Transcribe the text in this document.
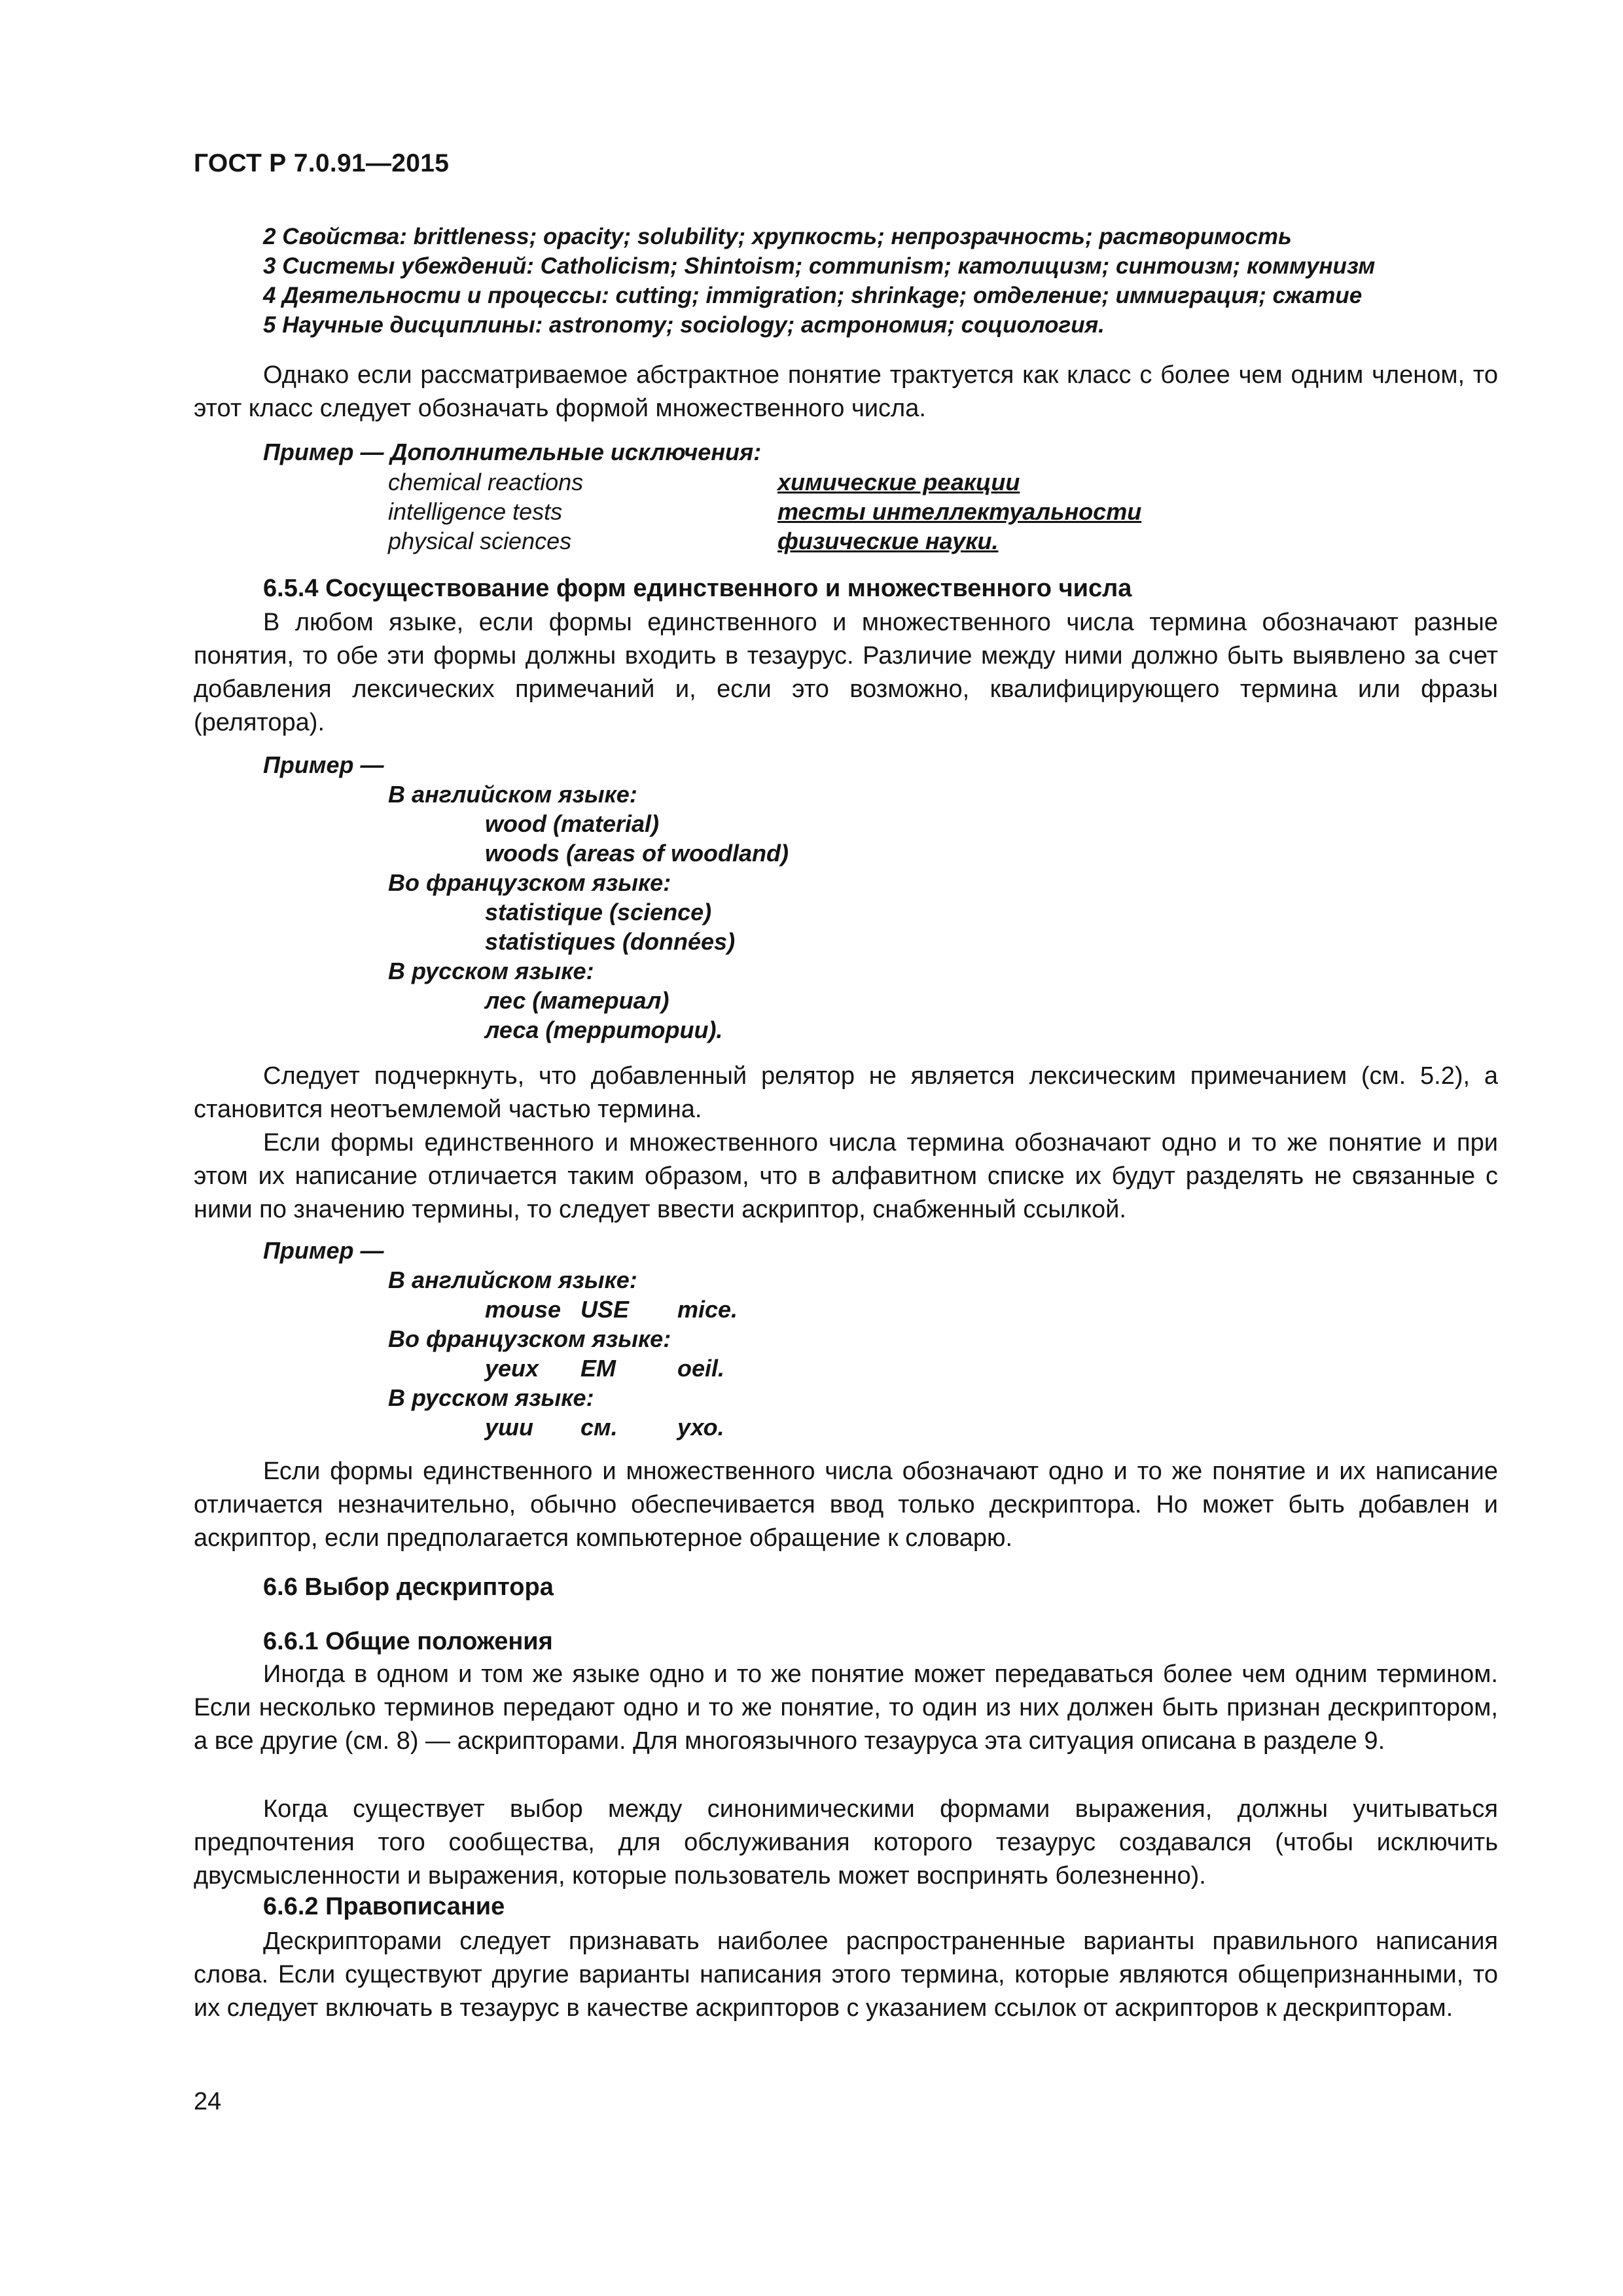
ГОСТ Р 7.0.91—2015
2 Свойства: brittleness; opacity; solubility; хрупкость; непрозрачность; растворимость
3 Системы убеждений: Catholicism; Shintoism; communism; католицизм; синтоизм; коммунизм
4 Деятельности и процессы: cutting; immigration; shrinkage; отделение; иммиграция; сжатие
5 Научные дисциплины: astronomy; sociology; астрономия; социология.
Однако если рассматриваемое абстрактное понятие трактуется как класс с более чем одним членом, то этот класс следует обозначать формой множественного числа.
Пример — Дополнительные исключения:
chemical reactions	химические реакции
intelligence tests	тесты интеллектуальности
physical sciences	физические науки.
6.5.4 Сосуществование форм единственного и множественного числа
В любом языке, если формы единственного и множественного числа термина обозначают разные понятия, то обе эти формы должны входить в тезаурус. Различие между ними должно быть выявлено за счет добавления лексических примечаний и, если это возможно, квалифицирующего термина или фразы (релятора).
Пример —
В английском языке:
wood (material)
woods (areas of woodland)
Во французском языке:
statistique (science)
statistiques (données)
В русском языке:
лес (материал)
леса (территории).
Следует подчеркнуть, что добавленный релятор не является лексическим примечанием (см. 5.2), а становится неотъемлемой частью термина.
Если формы единственного и множественного числа термина обозначают одно и то же понятие и при этом их написание отличается таким образом, что в алфавитном списке их будут разделять не связанные с ними по значению термины, то следует ввести аскриптор, снабженный ссылкой.
Пример —
В английском языке:
mouse USE mice.
Во французском языке:
yeux EM	oeil.
В русском языке:
уши см.	ухо.
Если формы единственного и множественного числа обозначают одно и то же понятие и их написание отличается незначительно, обычно обеспечивается ввод только дескриптора. Но может быть добавлен и аскриптор, если предполагается компьютерное обращение к словарю.
6.6 Выбор дескриптора
6.6.1 Общие положения
Иногда в одном и том же языке одно и то же понятие может передаваться более чем одним термином. Если несколько терминов передают одно и то же понятие, то один из них должен быть признан дескриптором, а все другие (см. 8) — аскрипторами. Для многоязычного тезауруса эта ситуация описана в разделе 9.
Когда существует выбор между синонимическими формами выражения, должны учитываться предпочтения того сообщества, для обслуживания которого тезаурус создавался (чтобы исключить двусмысленности и выражения, которые пользователь может воспринять болезненно).
6.6.2 Правописание
Дескрипторами следует признавать наиболее распространенные варианты правильного написания слова. Если существуют другие варианты написания этого термина, которые являются общепризнанными, то их следует включать в тезаурус в качестве аскрипторов с указанием ссылок от аскрипторов к дескрипторам.
24
